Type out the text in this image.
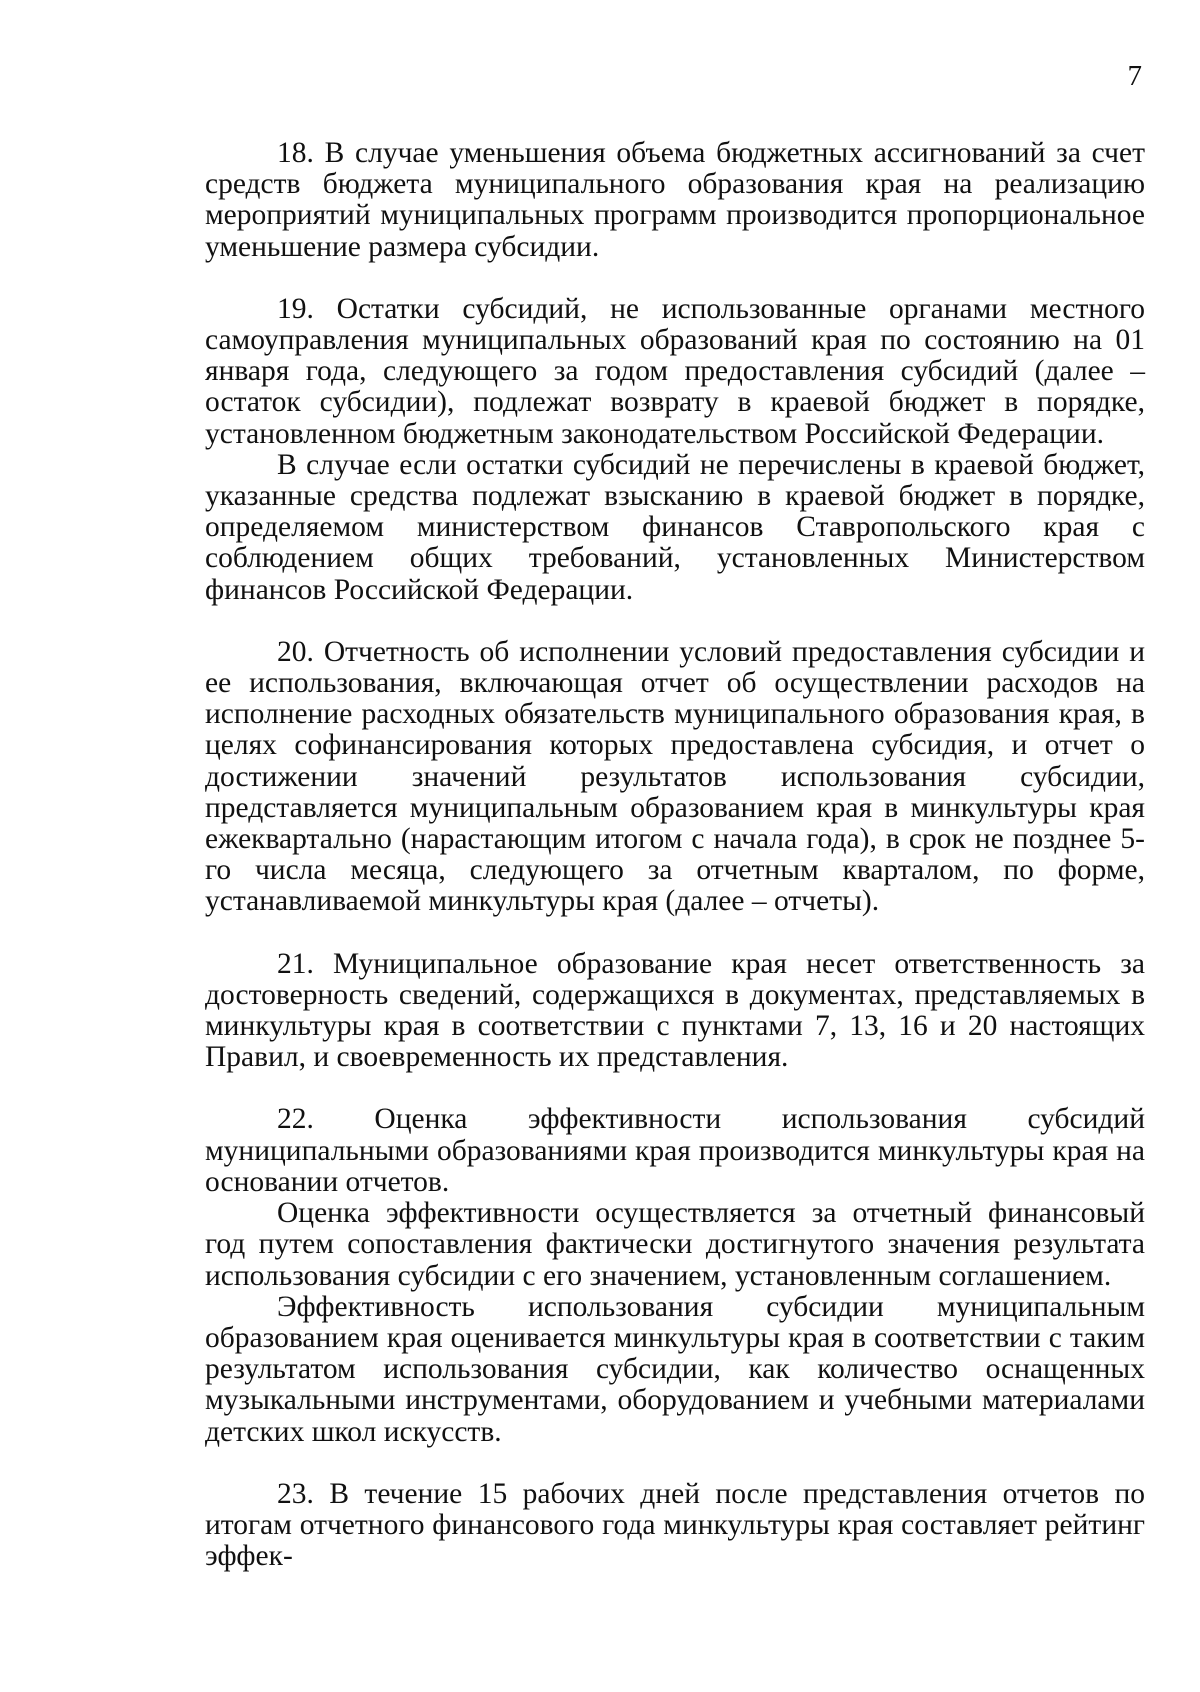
7

18. В случае уменьшения объема бюджетных ассигнований за счет средств бюджета муниципального образования края на реализацию мероприятий муниципальных программ производится пропорциональное уменьшение размера субсидии.

19. Остатки субсидий, не использованные органами местного самоуправления муниципальных образований края по состоянию на 01 января года, следующего за годом предоставления субсидий (далее – остаток субсидии), подлежат возврату в краевой бюджет в порядке, установленном бюджетным законодательством Российской Федерации.

В случае если остатки субсидий не перечислены в краевой бюджет, указанные средства подлежат взысканию в краевой бюджет в порядке, определяемом министерством финансов Ставропольского края с соблюдением общих требований, установленных Министерством финансов Российской Федерации.

20. Отчетность об исполнении условий предоставления субсидии и ее использования, включающая отчет об осуществлении расходов на исполнение расходных обязательств муниципального образования края, в целях софинансирования которых предоставлена субсидия, и отчет о достижении значений результатов использования субсидии, представляется муниципальным образованием края в минкультуры края ежеквартально (нарастающим итогом с начала года), в срок не позднее 5-го числа месяца, следующего за отчетным кварталом, по форме, устанавливаемой минкультуры края (далее – отчеты).

21. Муниципальное образование края несет ответственность за достоверность сведений, содержащихся в документах, представляемых в минкультуры края в соответствии с пунктами 7, 13, 16 и 20 настоящих Правил, и своевременность их представления.

22. Оценка эффективности использования субсидий муниципальными образованиями края производится минкультуры края на основании отчетов.

Оценка эффективности осуществляется за отчетный финансовый год путем сопоставления фактически достигнутого значения результата использования субсидии с его значением, установленным соглашением.

Эффективность использования субсидии муниципальным образованием края оценивается минкультуры края в соответствии с таким результатом использования субсидии, как количество оснащенных музыкальными инструментами, оборудованием и учебными материалами детских школ искусств.

23. В течение 15 рабочих дней после представления отчетов по итогам отчетного финансового года минкультуры края составляет рейтинг эффек-
